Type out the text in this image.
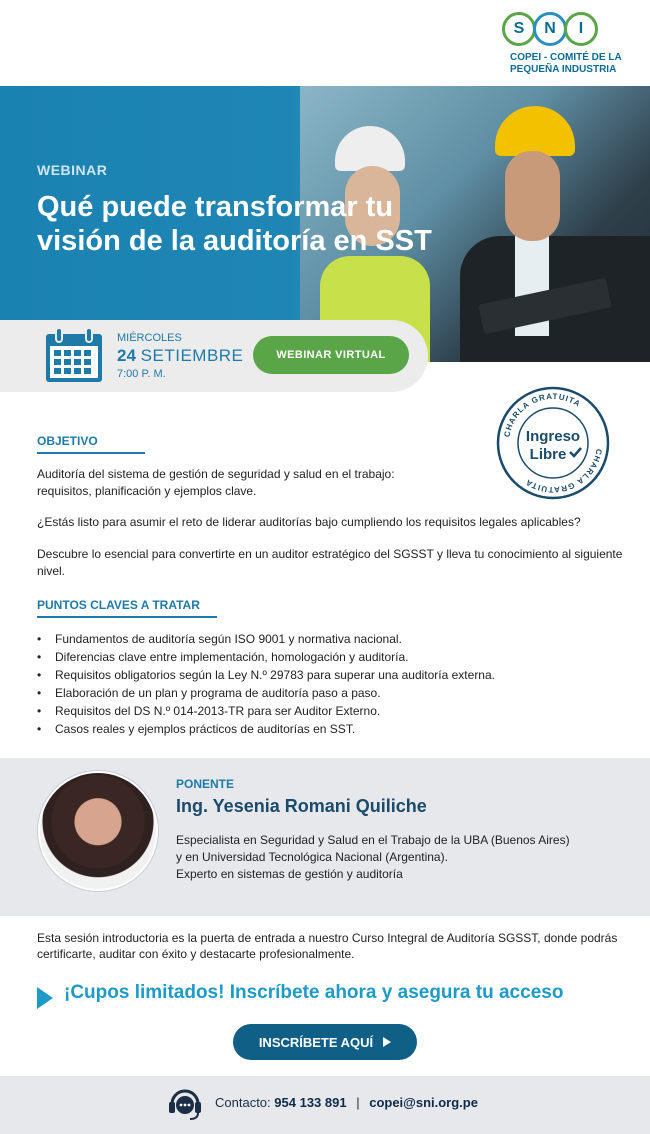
S	N	I
COPEI - COMITÉ DE LA
PEQUEÑA INDUSTRIA
WEBINAR
Qué puede transformar tu visión de la auditoría en SST
MIÉRCOLES
24 SETIEMBRE
7:00 P. M.
WEBINAR VIRTUAL
CHARLA GRATUITA
CHARLA GRATUITA
Ingreso
Libre
OBJETIVO
Auditoría del sistema de gestión de seguridad y salud en el trabajo: requisitos, planificación y ejemplos clave.
¿Estás listo para asumir el reto de liderar auditorías bajo cumpliendo los requisitos legales aplicables?
Descubre lo esencial para convertirte en un auditor estratégico del SGSST y lleva tu conocimiento al siguiente nivel.
PUNTOS CLAVES A TRATAR
• Fundamentos de auditoría según ISO 9001 y normativa nacional.
• Diferencias clave entre implementación, homologación y auditoría.
• Requisitos obligatorios según la Ley N.º 29783 para superar una auditoría externa.
• Elaboración de un plan y programa de auditoría paso a paso.
• Requisitos del DS N.º 014-2013-TR para ser Auditor Externo.
• Casos reales y ejemplos prácticos de auditorías en SST.
PONENTE
Ing. Yesenia Romani Quiliche
Especialista en Seguridad y Salud en el Trabajo de la UBA (Buenos Aires)
y en Universidad Tecnológica Nacional (Argentina).
Experto en sistemas de gestión y auditoría
Esta sesión introductoria es la puerta de entrada a nuestro Curso Integral de Auditoría SGSST, donde podrás certificarte, auditar con éxito y destacarte profesionalmente.
¡Cupos limitados! Inscríbete ahora y asegura tu acceso
INSCRÍBETE AQUÍ
Contacto: 954 133 891 | copei@sni.org.pe
